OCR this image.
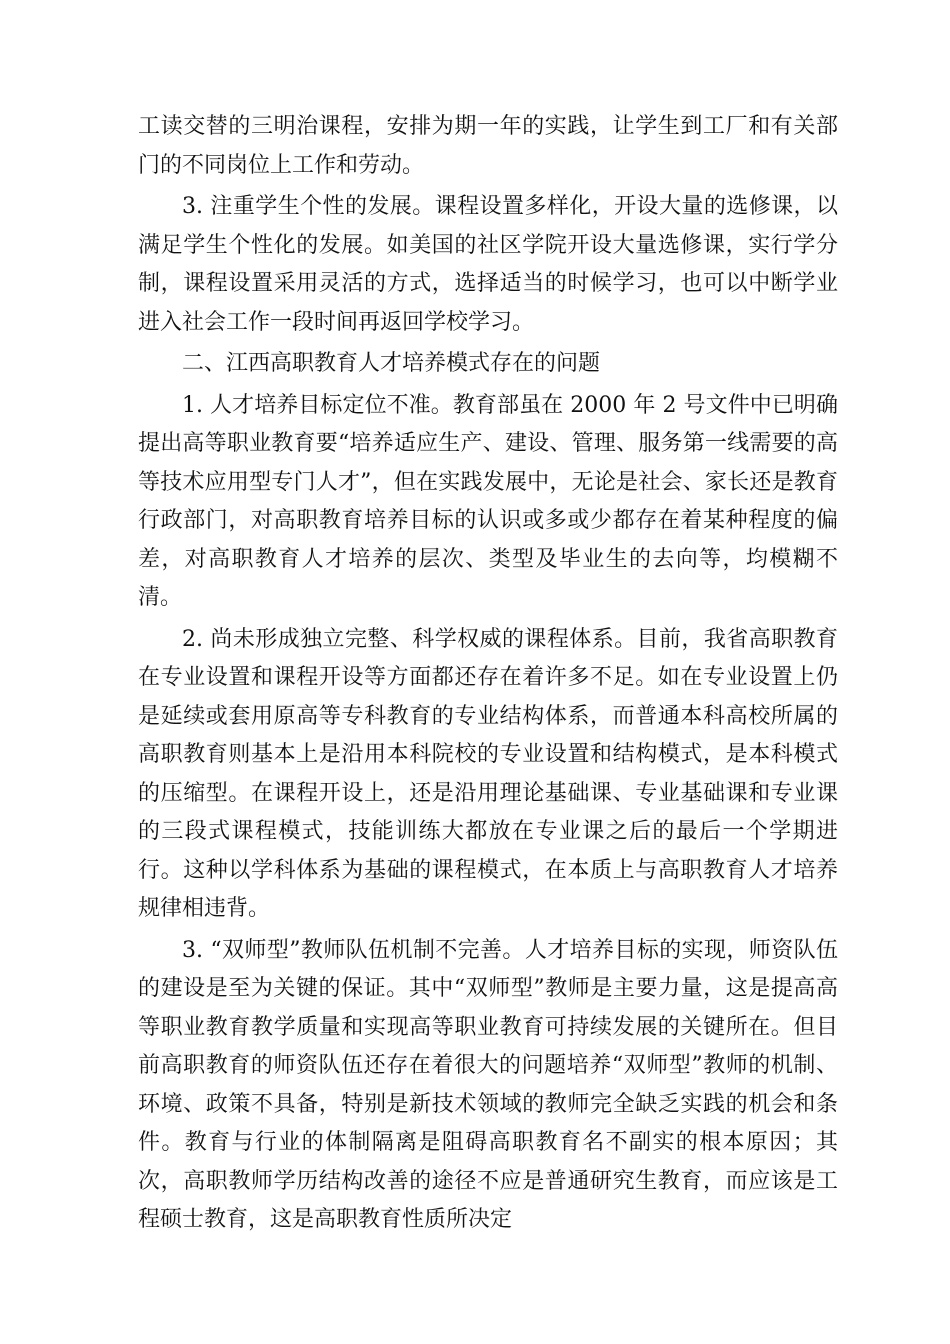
工读交替的三明治课程，安排为期一年的实践，让学生到工厂和有关部门的不同岗位上工作和劳动。

3. 注重学生个性的发展。课程设置多样化，开设大量的选修课，以满足学生个性化的发展。如美国的社区学院开设大量选修课，实行学分制，课程设置采用灵活的方式，选择适当的时候学习，也可以中断学业进入社会工作一段时间再返回学校学习。

二、江西高职教育人才培养模式存在的问题

1. 人才培养目标定位不准。教育部虽在 2000 年 2 号文件中已明确提出高等职业教育要“培养适应生产、建设、管理、服务第一线需要的高等技术应用型专门人才”，但在实践发展中，无论是社会、家长还是教育行政部门，对高职教育培养目标的认识或多或少都存在着某种程度的偏差，对高职教育人才培养的层次、类型及毕业生的去向等，均模糊不清。

2. 尚未形成独立完整、科学权威的课程体系。目前，我省高职教育在专业设置和课程开设等方面都还存在着许多不足。如在专业设置上仍是延续或套用原高等专科教育的专业结构体系，而普通本科高校所属的高职教育则基本上是沿用本科院校的专业设置和结构模式，是本科模式的压缩型。在课程开设上，还是沿用理论基础课、专业基础课和专业课的三段式课程模式，技能训练大都放在专业课之后的最后一个学期进行。这种以学科体系为基础的课程模式，在本质上与高职教育人才培养规律相违背。

3. “双师型”教师队伍机制不完善。人才培养目标的实现，师资队伍的建设是至为关键的保证。其中“双师型”教师是主要力量，这是提高高等职业教育教学质量和实现高等职业教育可持续发展的关键所在。但目前高职教育的师资队伍还存在着很大的问题培养“双师型”教师的机制、环境、政策不具备，特别是新技术领域的教师完全缺乏实践的机会和条件。教育与行业的体制隔离是阻碍高职教育名不副实的根本原因；其次，高职教师学历结构改善的途径不应是普通研究生教育，而应该是工程硕士教育，这是高职教育性质所决定
